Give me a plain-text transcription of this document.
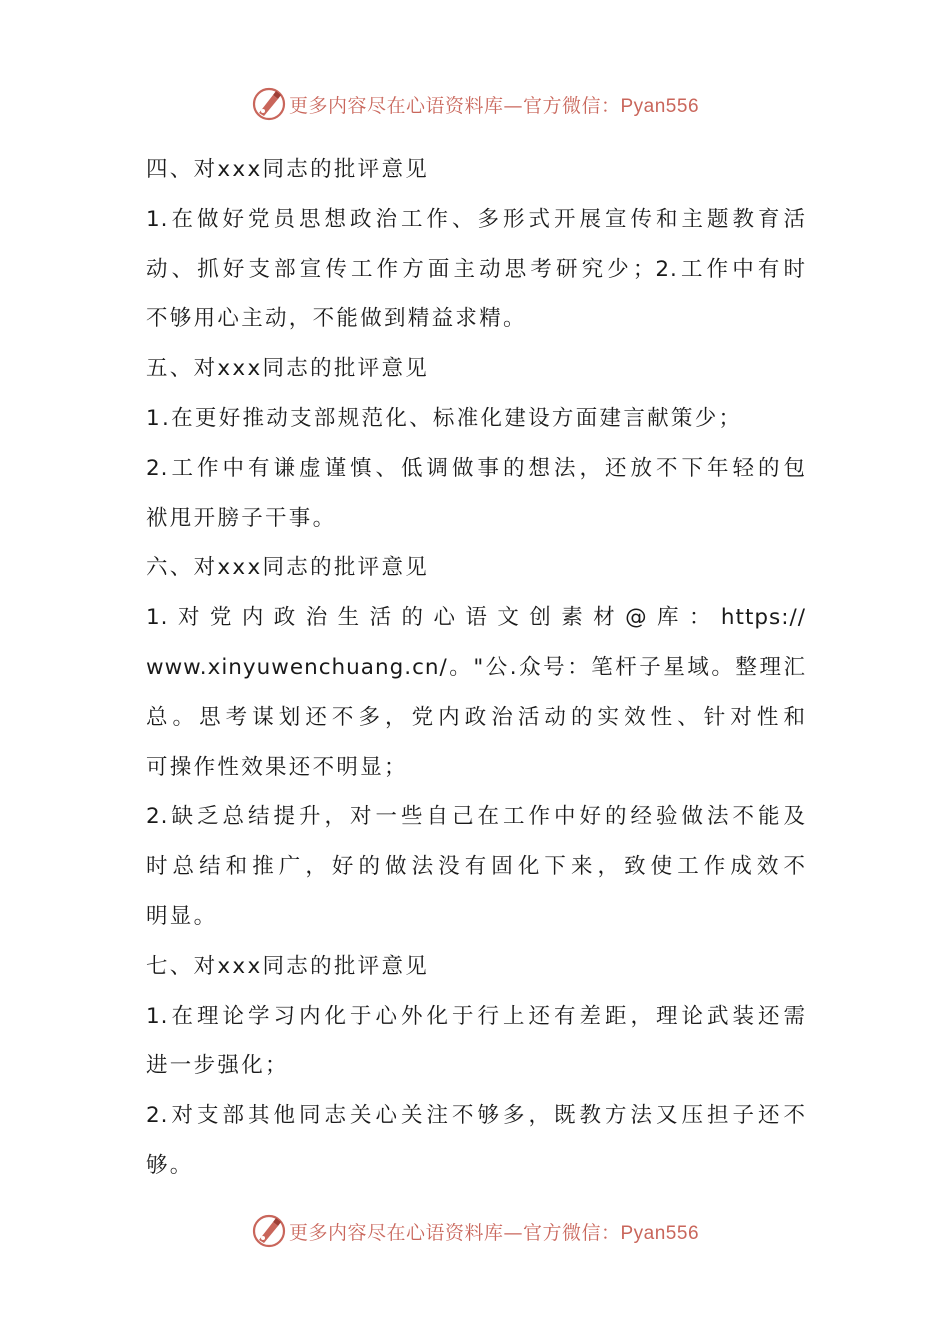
更多内容尽在心语资料库—官方微信：Pyan556
四、对xxx同志的批评意见
1.在做好党员思想政治工作、多形式开展宣传和主题教育活
动、抓好支部宣传工作方面主动思考研究少；2.工作中有时
不够用心主动，不能做到精益求精。
五、对xxx同志的批评意见
1.在更好推动支部规范化、标准化建设方面建言献策少；
2.工作中有谦虚谨慎、低调做事的想法，还放不下年轻的包
袱甩开膀子干事。
六、对xxx同志的批评意见
1.对党内政治生活的心语文创素材@库：https://
www.xinyuwenchuang.cn/。"公.众号：笔杆子星域。整理汇
总。思考谋划还不多，党内政治活动的实效性、针对性和
可操作性效果还不明显；
2.缺乏总结提升，对一些自己在工作中好的经验做法不能及
时总结和推广，好的做法没有固化下来，致使工作成效不
明显。
七、对xxx同志的批评意见
1.在理论学习内化于心外化于行上还有差距，理论武装还需
进一步强化；
2.对支部其他同志关心关注不够多，既教方法又压担子还不
够。
更多内容尽在心语资料库—官方微信：Pyan556
